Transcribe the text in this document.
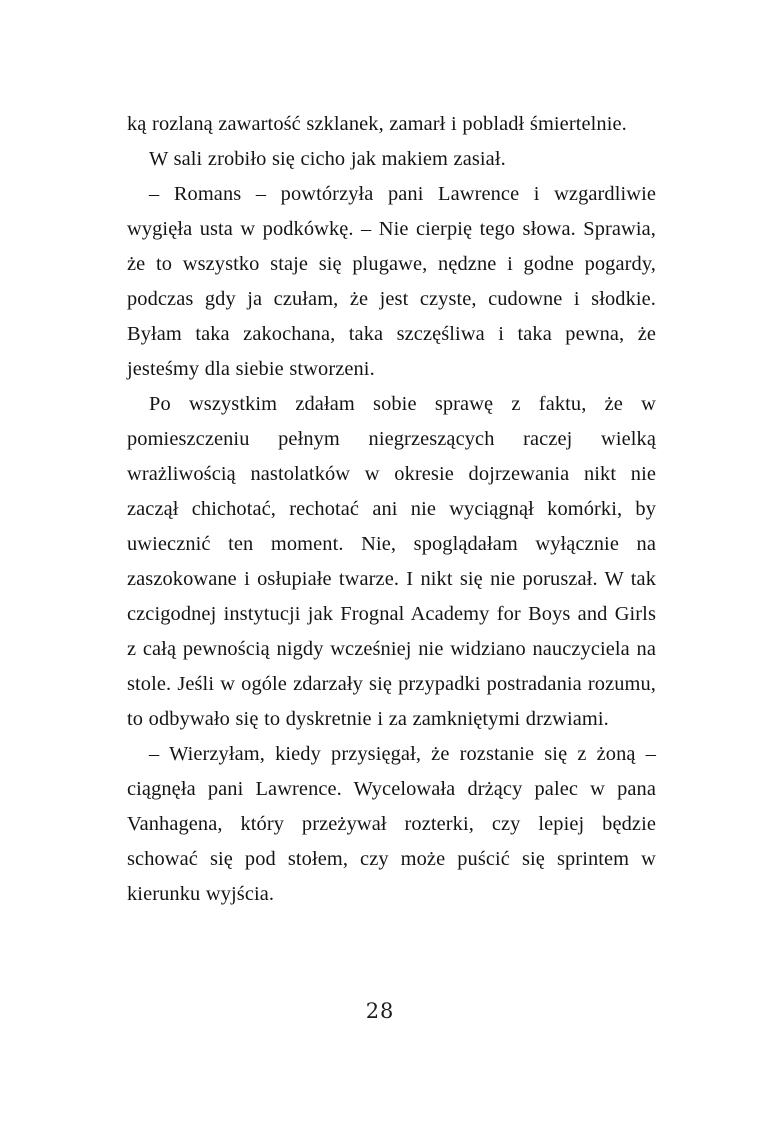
ką rozlaną zawartość szklanek, zamarł i pobladł śmiertelnie.

W sali zrobiło się cicho jak makiem zasiał.

– Romans – powtórzyła pani Lawrence i wzgardliwie wygięła usta w podkówkę. – Nie cierpię tego słowa. Sprawia, że to wszystko staje się plugawe, nędzne i godne pogardy, podczas gdy ja czułam, że jest czyste, cudowne i słodkie. Byłam taka zakochana, taka szczęśliwa i taka pewna, że jesteśmy dla siebie stworzeni.

Po wszystkim zdałam sobie sprawę z faktu, że w pomieszczeniu pełnym niegrzeszących raczej wielką wrażliwością nastolatków w okresie dojrzewania nikt nie zaczął chichotać, rechotać ani nie wyciągnął komórki, by uwiecznić ten moment. Nie, spoglądałam wyłącznie na zaszokowane i osłupiałe twarze. I nikt się nie poruszał. W tak czcigodnej instytucji jak Frognal Academy for Boys and Girls z całą pewnością nigdy wcześniej nie widziano nauczyciela na stole. Jeśli w ogóle zdarzały się przypadki postradania rozumu, to odbywało się to dyskretnie i za zamkniętymi drzwiami.

– Wierzyłam, kiedy przysięgał, że rozstanie się z żoną – ciągnęła pani Lawrence. Wycelowała drżący palec w pana Vanhagena, który przeżywał rozterki, czy lepiej będzie schować się pod stołem, czy może puścić się sprintem w kierunku wyjścia.

28
